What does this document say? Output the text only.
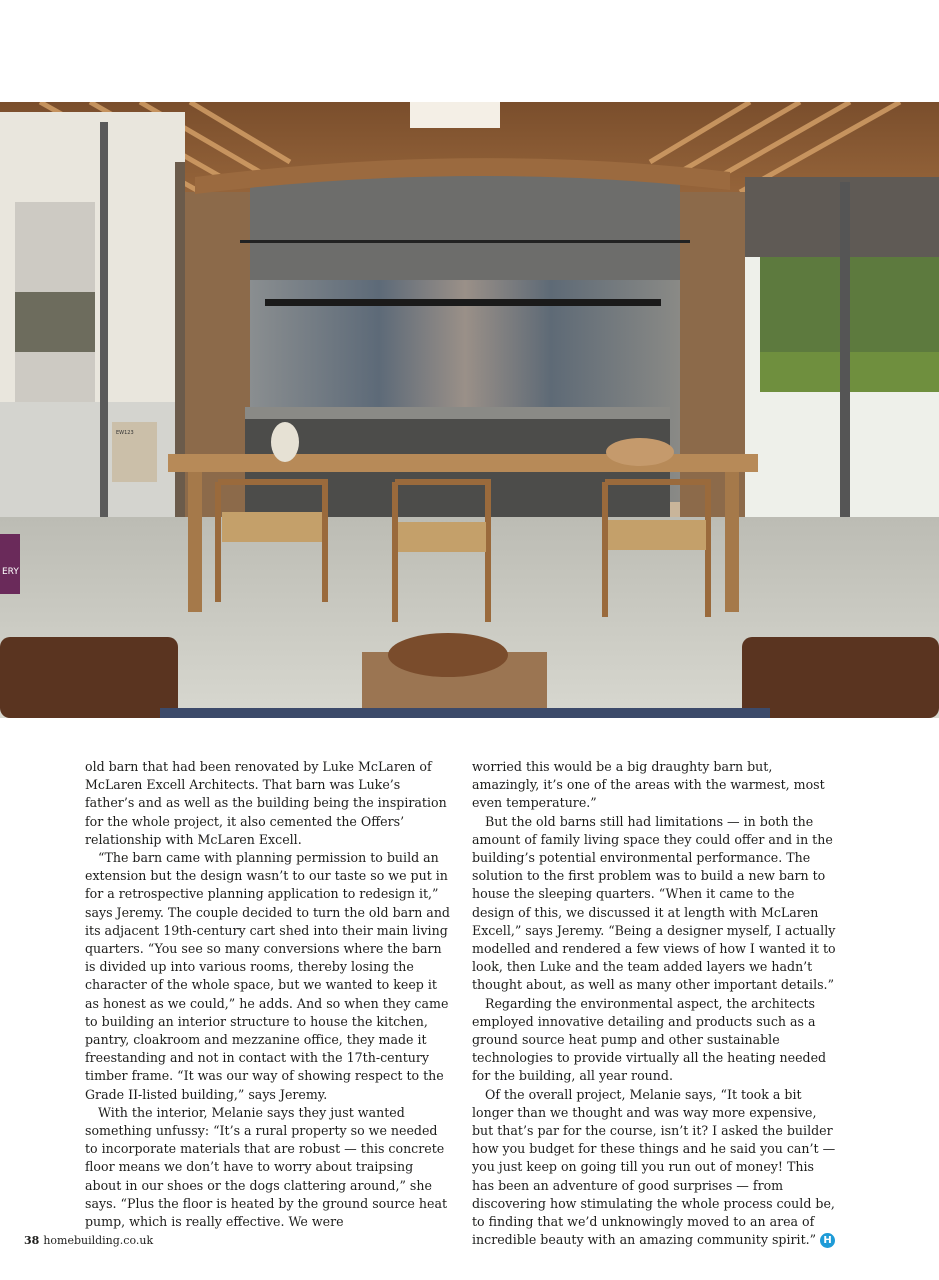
ERY
EW123

old barn that had been renovated by Luke McLaren of McLaren Excell Architects. That barn was Luke’s father’s and as well as the building being the inspiration for the whole project, it also cemented the Offers’ relationship with McLaren Excell.

“The barn came with planning permission to build an extension but the design wasn’t to our taste so we put in for a retrospective planning application to redesign it,” says Jeremy. The couple decided to turn the old barn and its adjacent 19th-century cart shed into their main living quarters. “You see so many conversions where the barn is divided up into various rooms, thereby losing the character of the whole space, but we wanted to keep it as honest as we could,” he adds. And so when they came to building an interior structure to house the kitchen, pantry, cloakroom and mezzanine office, they made it freestanding and not in contact with the 17th-century timber frame. “It was our way of showing respect to the Grade II-listed building,” says Jeremy.

With the interior, Melanie says they just wanted something unfussy: “It’s a rural property so we needed to incorporate materials that are robust — this concrete floor means we don’t have to worry about traipsing about in our shoes or the dogs clattering around,” she says. “Plus the floor is heated by the ground source heat pump, which is really effective. We were

worried this would be a big draughty barn but, amazingly, it’s one of the areas with the warmest, most even temperature.”

But the old barns still had limitations — in both the amount of family living space they could offer and in the building’s potential environmental performance. The solution to the first problem was to build a new barn to house the sleeping quarters. “When it came to the design of this, we discussed it at length with McLaren Excell,” says Jeremy. “Being a designer myself, I actually modelled and rendered a few views of how I wanted it to look, then Luke and the team added layers we hadn’t thought about, as well as many other important details.”

Regarding the environmental aspect, the architects employed innovative detailing and products such as a ground source heat pump and other sustainable technologies to provide virtually all the heating needed for the building, all year round.

Of the overall project, Melanie says, “It took a bit longer than we thought and was way more expensive, but that’s par for the course, isn’t it? I asked the builder how you budget for these things and he said you can’t — you just keep on going till you run out of money! This has been an adventure of good surprises — from discovering how stimulating the whole process could be, to finding that we’d unknowingly moved to an area of incredible beauty with an amazing community spirit.” H

38 homebuilding.co.uk
